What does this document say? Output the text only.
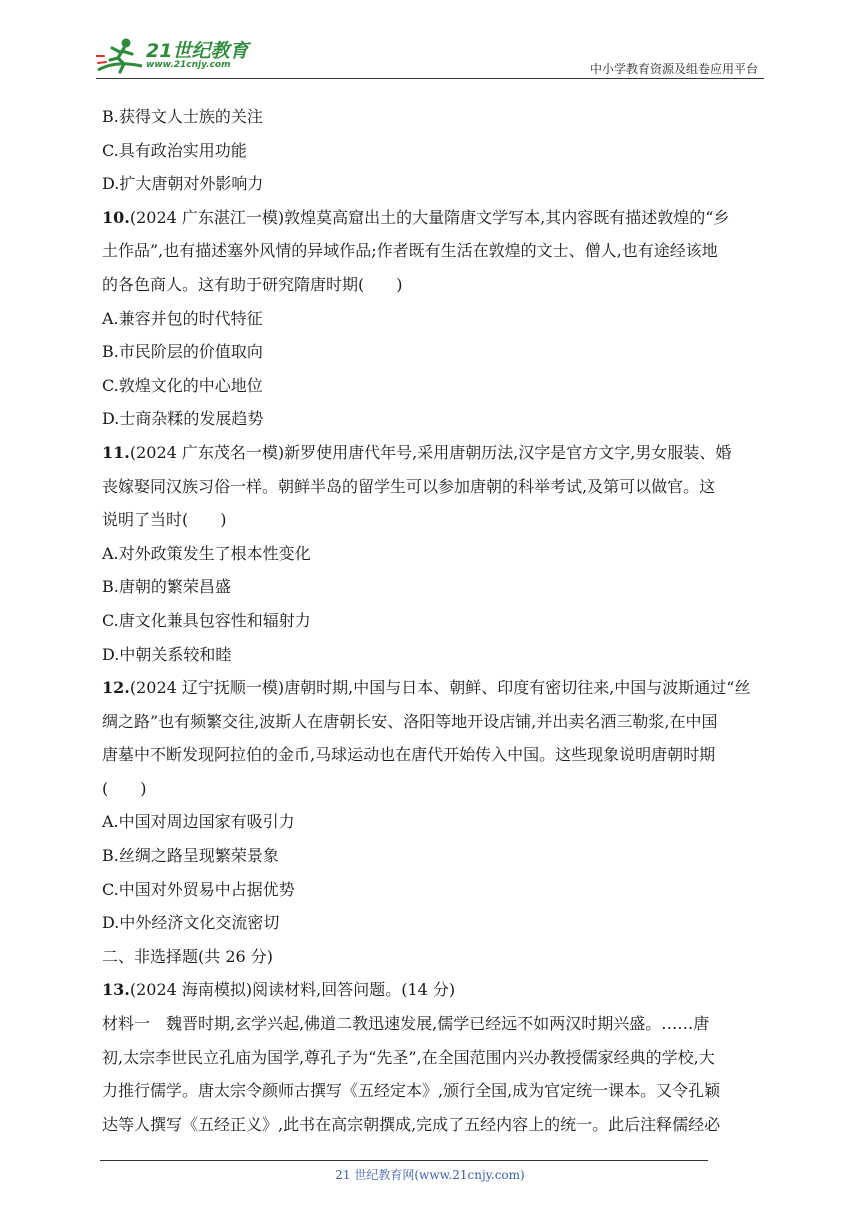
21世纪教育
www.21cnjy.com	中小学教育资源及组卷应用平台
B.获得文人士族的关注
C.具有政治实用功能
D.扩大唐朝对外影响力
10.(2024 广东湛江一模)敦煌莫高窟出土的大量隋唐文学写本,其内容既有描述敦煌的“乡
土作品”,也有描述塞外风情的异域作品;作者既有生活在敦煌的文士、僧人,也有途经该地
的各色商人。这有助于研究隋唐时期(　　)
A.兼容并包的时代特征
B.市民阶层的价值取向
C.敦煌文化的中心地位
D.士商杂糅的发展趋势
11.(2024 广东茂名一模)新罗使用唐代年号,采用唐朝历法,汉字是官方文字,男女服装、婚
丧嫁娶同汉族习俗一样。朝鲜半岛的留学生可以参加唐朝的科举考试,及第可以做官。这
说明了当时(　　)
A.对外政策发生了根本性变化
B.唐朝的繁荣昌盛
C.唐文化兼具包容性和辐射力
D.中朝关系较和睦
12.(2024 辽宁抚顺一模)唐朝时期,中国与日本、朝鲜、印度有密切往来,中国与波斯通过“丝
绸之路”也有频繁交往,波斯人在唐朝长安、洛阳等地开设店铺,并出卖名酒三勒浆,在中国
唐墓中不断发现阿拉伯的金币,马球运动也在唐代开始传入中国。这些现象说明唐朝时期
(　　)
A.中国对周边国家有吸引力
B.丝绸之路呈现繁荣景象
C.中国对外贸易中占据优势
D.中外经济文化交流密切
二、非选择题(共 26 分)
13.(2024 海南模拟)阅读材料,回答问题。(14 分)
材料一　魏晋时期,玄学兴起,佛道二教迅速发展,儒学已经远不如两汉时期兴盛。……唐
初,太宗李世民立孔庙为国学,尊孔子为“先圣”,在全国范围内兴办教授儒家经典的学校,大
力推行儒学。唐太宗令颜师古撰写《五经定本》,颁行全国,成为官定统一课本。又令孔颖
达等人撰写《五经正义》,此书在高宗朝撰成,完成了五经内容上的统一。此后注释儒经必
21 世纪教育网(www.21cnjy.com)
